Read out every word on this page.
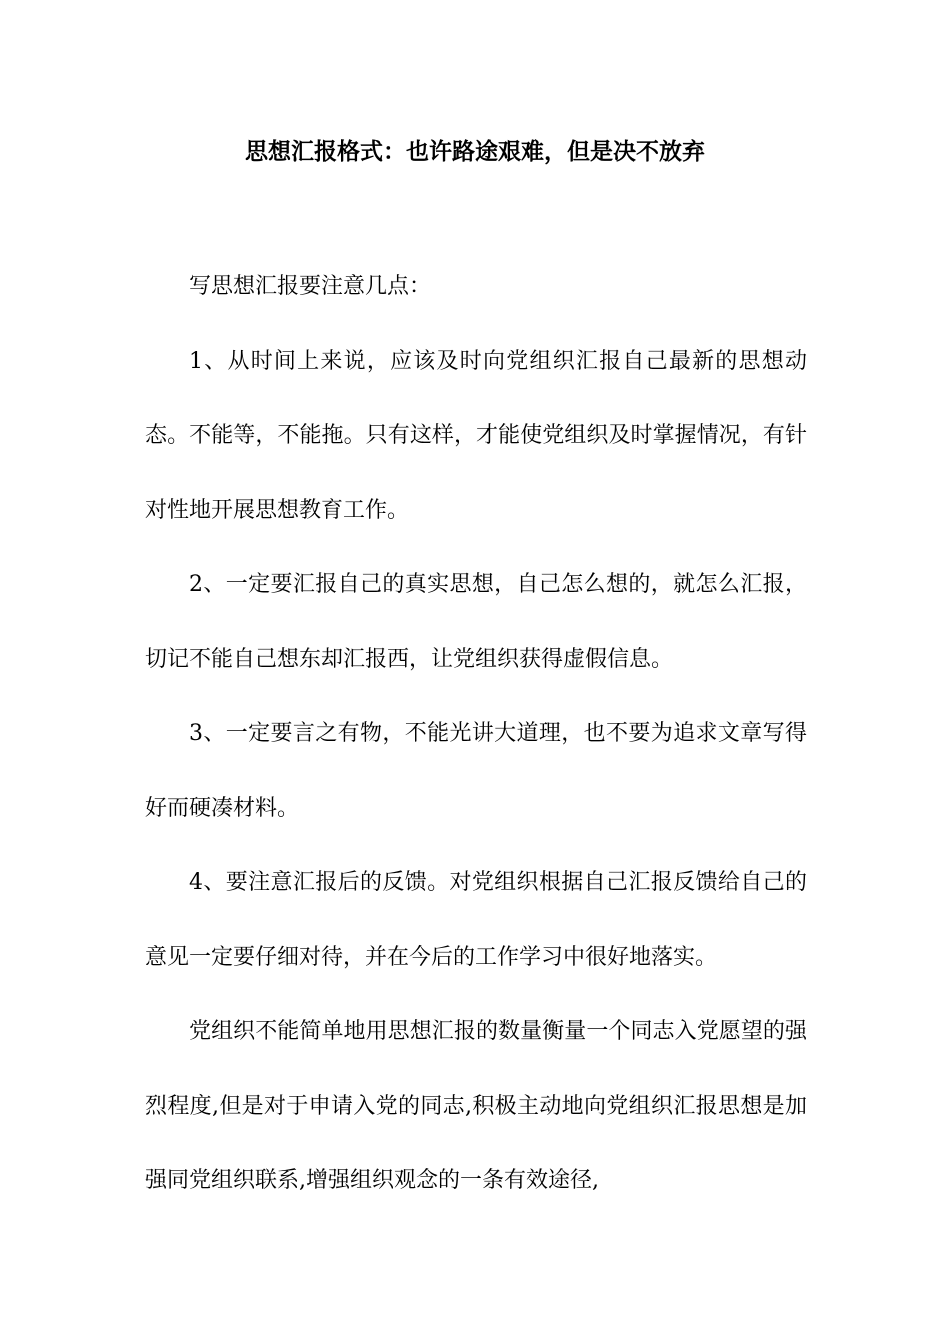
思想汇报格式：也许路途艰难，但是决不放弃

写思想汇报要注意几点：

1、从时间上来说，应该及时向党组织汇报自己最新的思想动态。不能等，不能拖。只有这样，才能使党组织及时掌握情况，有针对性地开展思想教育工作。

2、一定要汇报自己的真实思想，自己怎么想的，就怎么汇报，切记不能自己想东却汇报西，让党组织获得虚假信息。

3、一定要言之有物，不能光讲大道理，也不要为追求文章写得好而硬凑材料。

4、要注意汇报后的反馈。对党组织根据自己汇报反馈给自己的意见一定要仔细对待，并在今后的工作学习中很好地落实。

党组织不能简单地用思想汇报的数量衡量一个同志入党愿望的强烈程度,但是对于申请入党的同志,积极主动地向党组织汇报思想是加强同党组织联系,增强组织观念的一条有效途径,
